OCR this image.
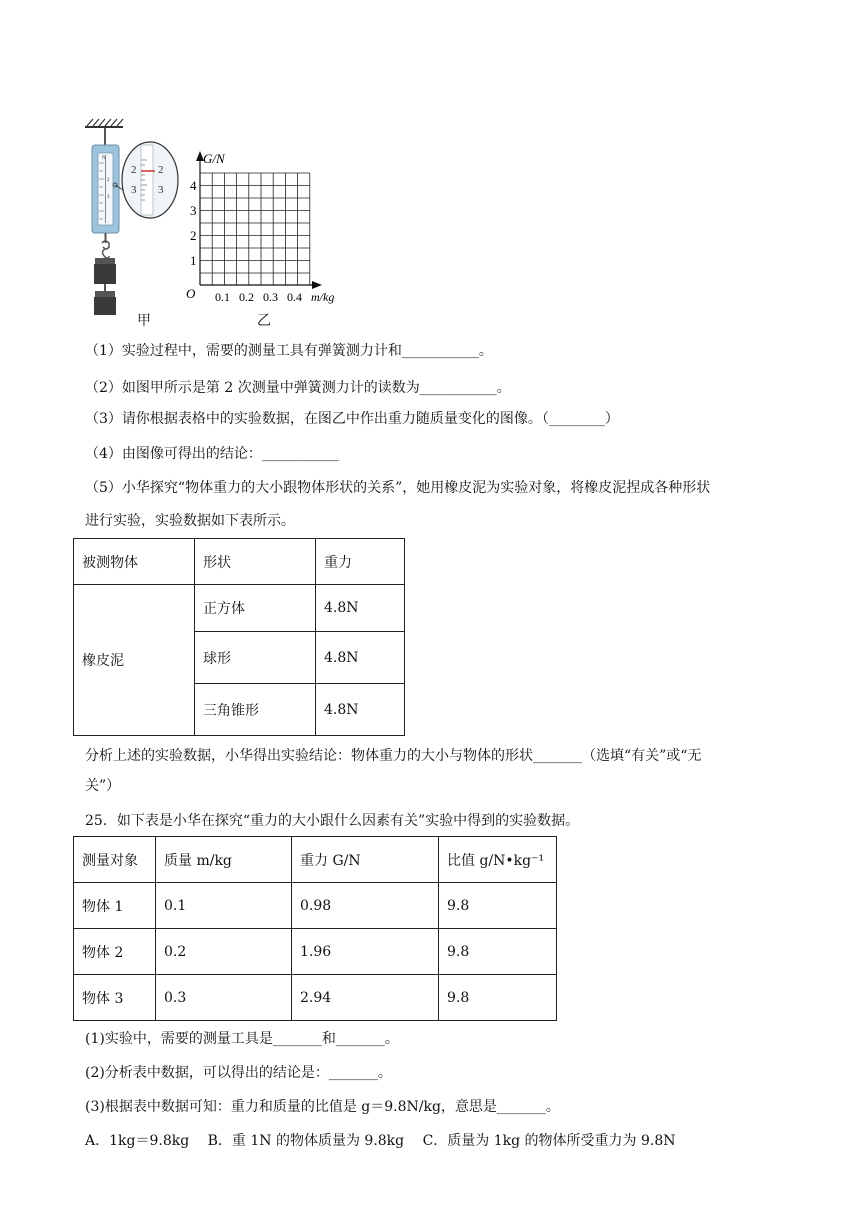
N
2
3
2 2
3 3
G/N
1
2
3
4
O 0.1 0.2 0.3 0.4 m/kg
甲	乙
（1）实验过程中，需要的测量工具有弹簧测力计和___________。
（2）如图甲所示是第 2 次测量中弹簧测力计的读数为___________。
（3）请你根据表格中的实验数据，在图乙中作出重力随质量变化的图像。（________）
（4）由图像可得出的结论：___________
（5）小华探究“物体重力的大小跟物体形状的关系”，她用橡皮泥为实验对象，将橡皮泥捏成各种形状
进行实验，实验数据如下表所示。
被测物体	形状	重力
橡皮泥	正方体	4.8N
	球形	4.8N
	三角锥形	4.8N
分析上述的实验数据，小华得出实验结论：物体重力的大小与物体的形状_______（选填“有关”或“无
关”）
25．如下表是小华在探究“重力的大小跟什么因素有关”实验中得到的实验数据。
测量对象	质量 m/kg	重力 G/N	比值 g/N•kg⁻¹
物体 1	0.1	0.98	9.8
物体 2	0.2	1.96	9.8
物体 3	0.3	2.94	9.8
(1)实验中，需要的测量工具是_______和_______。
(2)分析表中数据，可以得出的结论是：_______。
(3)根据表中数据可知：重力和质量的比值是 g＝9.8N/kg，意思是_______。
A．1kg＝9.8kg　 B．重 1N 的物体质量为 9.8kg　 C．质量为 1kg 的物体所受重力为 9.8N
